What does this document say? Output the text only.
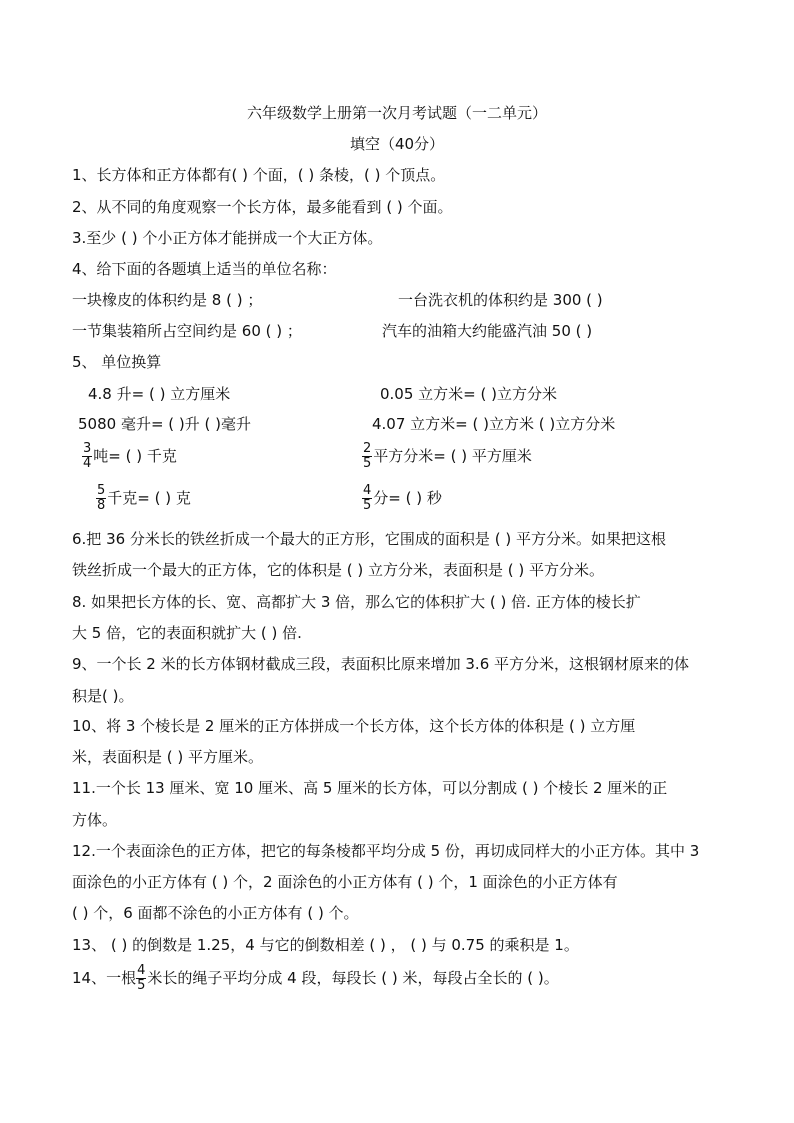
六年级数学上册第一次月考试题（一二单元）
填空（40分）
1、长方体和正方体都有( ) 个面，( ) 条棱，( ) 个顶点。
2、从不同的角度观察一个长方体，最多能看到 ( ) 个面。
3.至少 ( ) 个小正方体才能拼成一个大正方体。
4、给下面的各题填上适当的单位名称：
一块橡皮的体积约是 8 ( ) ；	一台洗衣机的体积约是 300 ( )
一节集装箱所占空间约是 60 ( ) ；	汽车的油箱大约能盛汽油 50 ( )
5、 单位换算
4.8 升= ( ) 立方厘米	0.05 立方米= ( )立方分米
5080 毫升= ( )升 ( )毫升	4.07 立方米= ( )立方米 ( )立方分米
$\frac{3}{4}$ 吨= ( ) 千克	$\frac{2}{5}$ 平方分米= ( ) 平方厘米
$\frac{5}{8}$ 千克= ( ) 克	$\frac{4}{5}$ 分= ( ) 秒
6.把 36 分米长的铁丝折成一个最大的正方形，它围成的面积是 ( ) 平方分米。如果把这根
铁丝折成一个最大的正方体，它的体积是 ( ) 立方分米，表面积是 ( ) 平方分米。
8. 如果把长方体的长、宽、高都扩大 3 倍，那么它的体积扩大 ( ) 倍. 正方体的棱长扩
大 5 倍，它的表面积就扩大 ( ) 倍.
9、一个长 2 米的长方体钢材截成三段，表面积比原来增加 3.6 平方分米，这根钢材原来的体
积是( )。
10、将 3 个棱长是 2 厘米的正方体拼成一个长方体，这个长方体的体积是 ( ) 立方厘
米，表面积是 ( ) 平方厘米。
11.一个长 13 厘米、宽 10 厘米、高 5 厘米的长方体，可以分割成 ( ) 个棱长 2 厘米的正
方体。
12.一个表面涂色的正方体，把它的每条棱都平均分成 5 份，再切成同样大的小正方体。其中 3
面涂色的小正方体有 ( ) 个，2 面涂色的小正方体有 ( ) 个，1 面涂色的小正方体有
( ) 个，6 面都不涂色的小正方体有 ( ) 个。
13、 ( ) 的倒数是 1.25，4 与它的倒数相差 ( ) ， ( ) 与 0.75 的乘积是 1。
14、一根 $\frac{4}{5}$ 米长的绳子平均分成 4 段，每段长 ( ) 米，每段占全长的 ( )。
